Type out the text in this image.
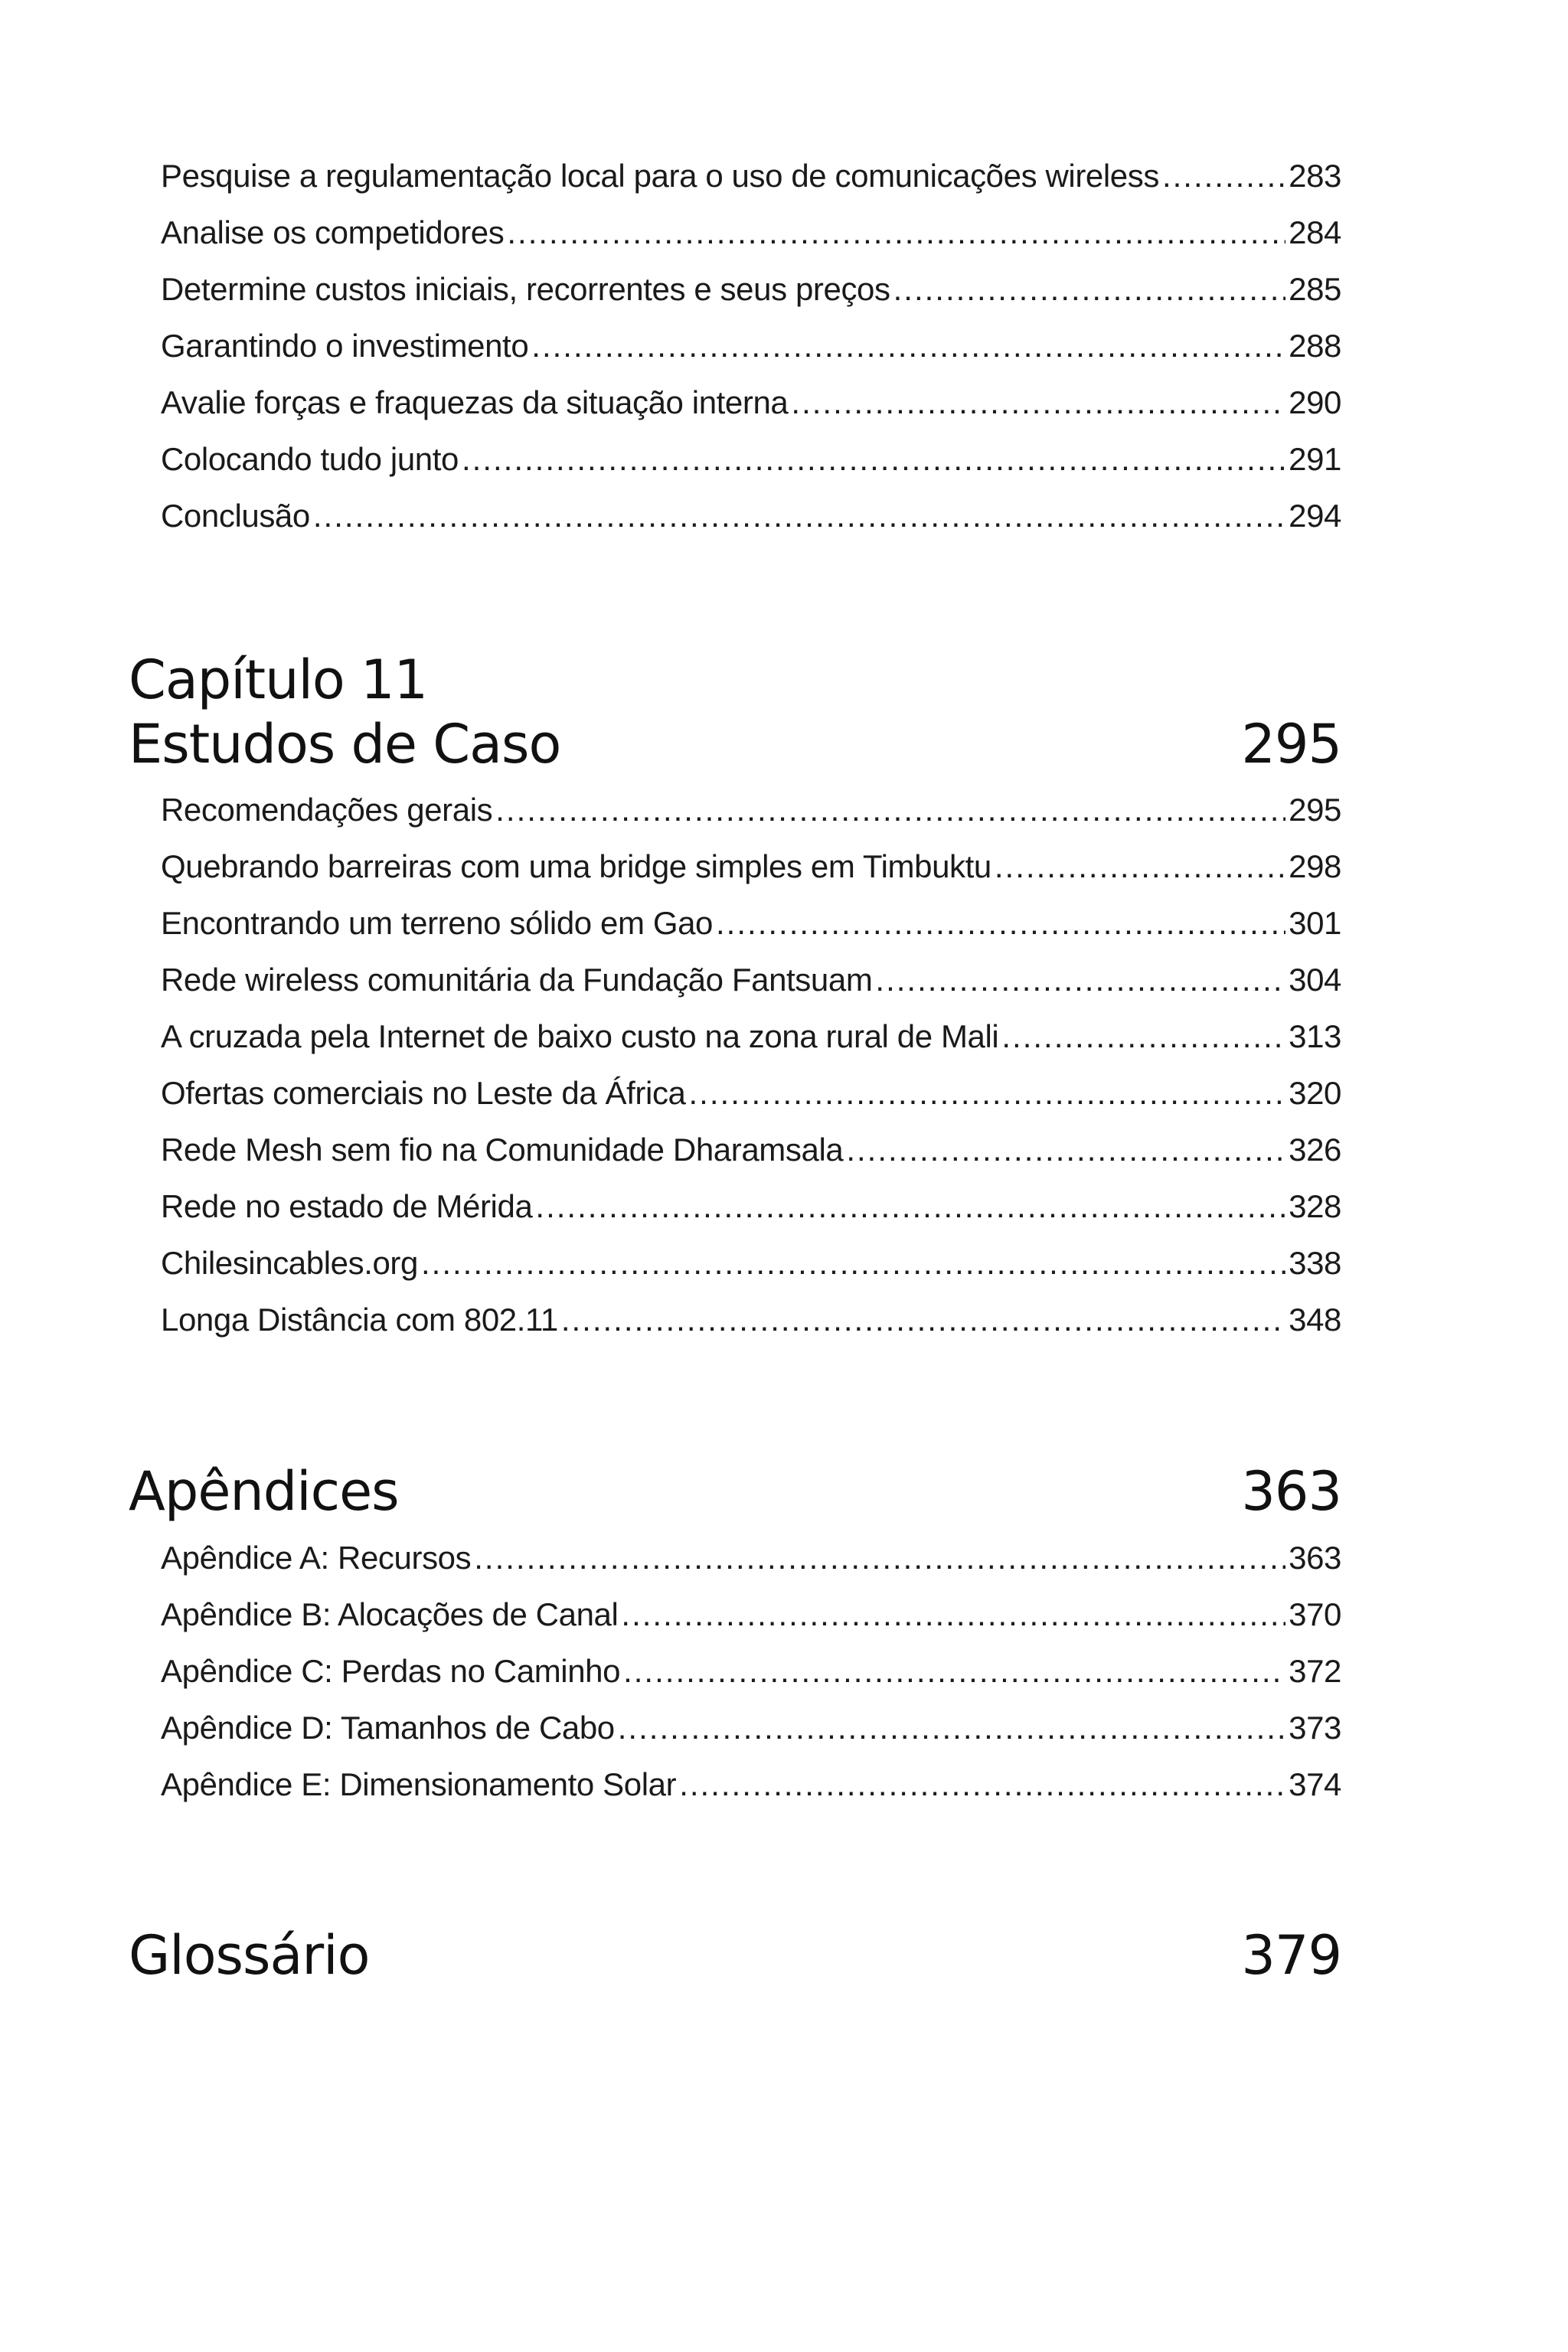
Pesquise a regulamentação local para o uso de comunicações wireless .....	283
Analise os competidores .....	284
Determine custos iniciais, recorrentes e seus preços .....	285
Garantindo o investimento .....	288
Avalie forças e fraquezas da situação interna .....	290
Colocando tudo junto .....	291
Conclusão .....	294
Capítulo 11
Estudos de Caso	295
Recomendações gerais .....	295
Quebrando barreiras com uma bridge simples em Timbuktu .....	298
Encontrando um terreno sólido em Gao .....	301
Rede wireless comunitária da Fundação Fantsuam .....	304
A cruzada pela Internet de baixo custo na zona rural de Mali .....	313
Ofertas comerciais no Leste da África .....	320
Rede Mesh sem fio na Comunidade Dharamsala .....	326
Rede no estado de Mérida .....	328
Chilesincables.org .....	338
Longa Distância com 802.11 .....	348
Apêndices	363
Apêndice A: Recursos .....	363
Apêndice B: Alocações de Canal .....	370
Apêndice C: Perdas no Caminho .....	372
Apêndice D: Tamanhos de Cabo .....	373
Apêndice E: Dimensionamento Solar .....	374
Glossário	379
